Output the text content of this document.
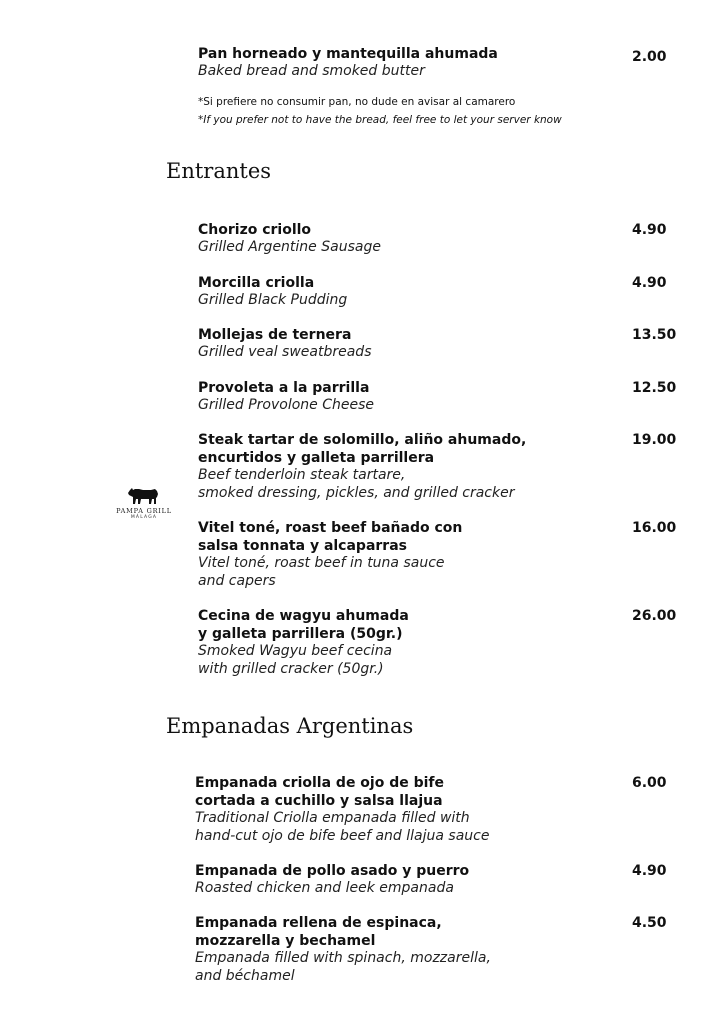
Pan horneado y mantequilla ahumada
Baked bread and smoked butter
2.00
*Si prefiere no consumir pan, no dude en avisar al camarero
*If you prefer not to have the bread, feel free to let your server know
Entrantes
Chorizo criollo
Grilled Argentine Sausage
4.90
Morcilla criolla
Grilled Black Pudding
4.90
Mollejas de ternera
Grilled veal sweatbreads
13.50
Provoleta a la parrilla
Grilled Provolone Cheese
12.50
Steak tartar de solomillo, aliño ahumado,
encurtidos y galleta parrillera
Beef tenderloin steak tartare,
smoked dressing, pickles, and grilled cracker
19.00
Vitel toné, roast beef bañado con
salsa tonnata y alcaparras
Vitel toné, roast beef in tuna sauce
and capers
16.00
Cecina de wagyu ahumada
y galleta parrillera (50gr.)
Smoked Wagyu beef cecina
with grilled cracker (50gr.)
26.00
Empanadas Argentinas
Empanada criolla de ojo de bife
cortada a cuchillo y salsa llajua
Traditional Criolla empanada filled with
hand-cut ojo de bife beef and llajua sauce
6.00
Empanada de pollo asado y puerro
Roasted chicken and leek empanada
4.90
Empanada rellena de espinaca,
mozzarella y bechamel
Empanada filled with spinach, mozzarella,
and béchamel
4.50
PAMPA GRILL
MÁLAGA
